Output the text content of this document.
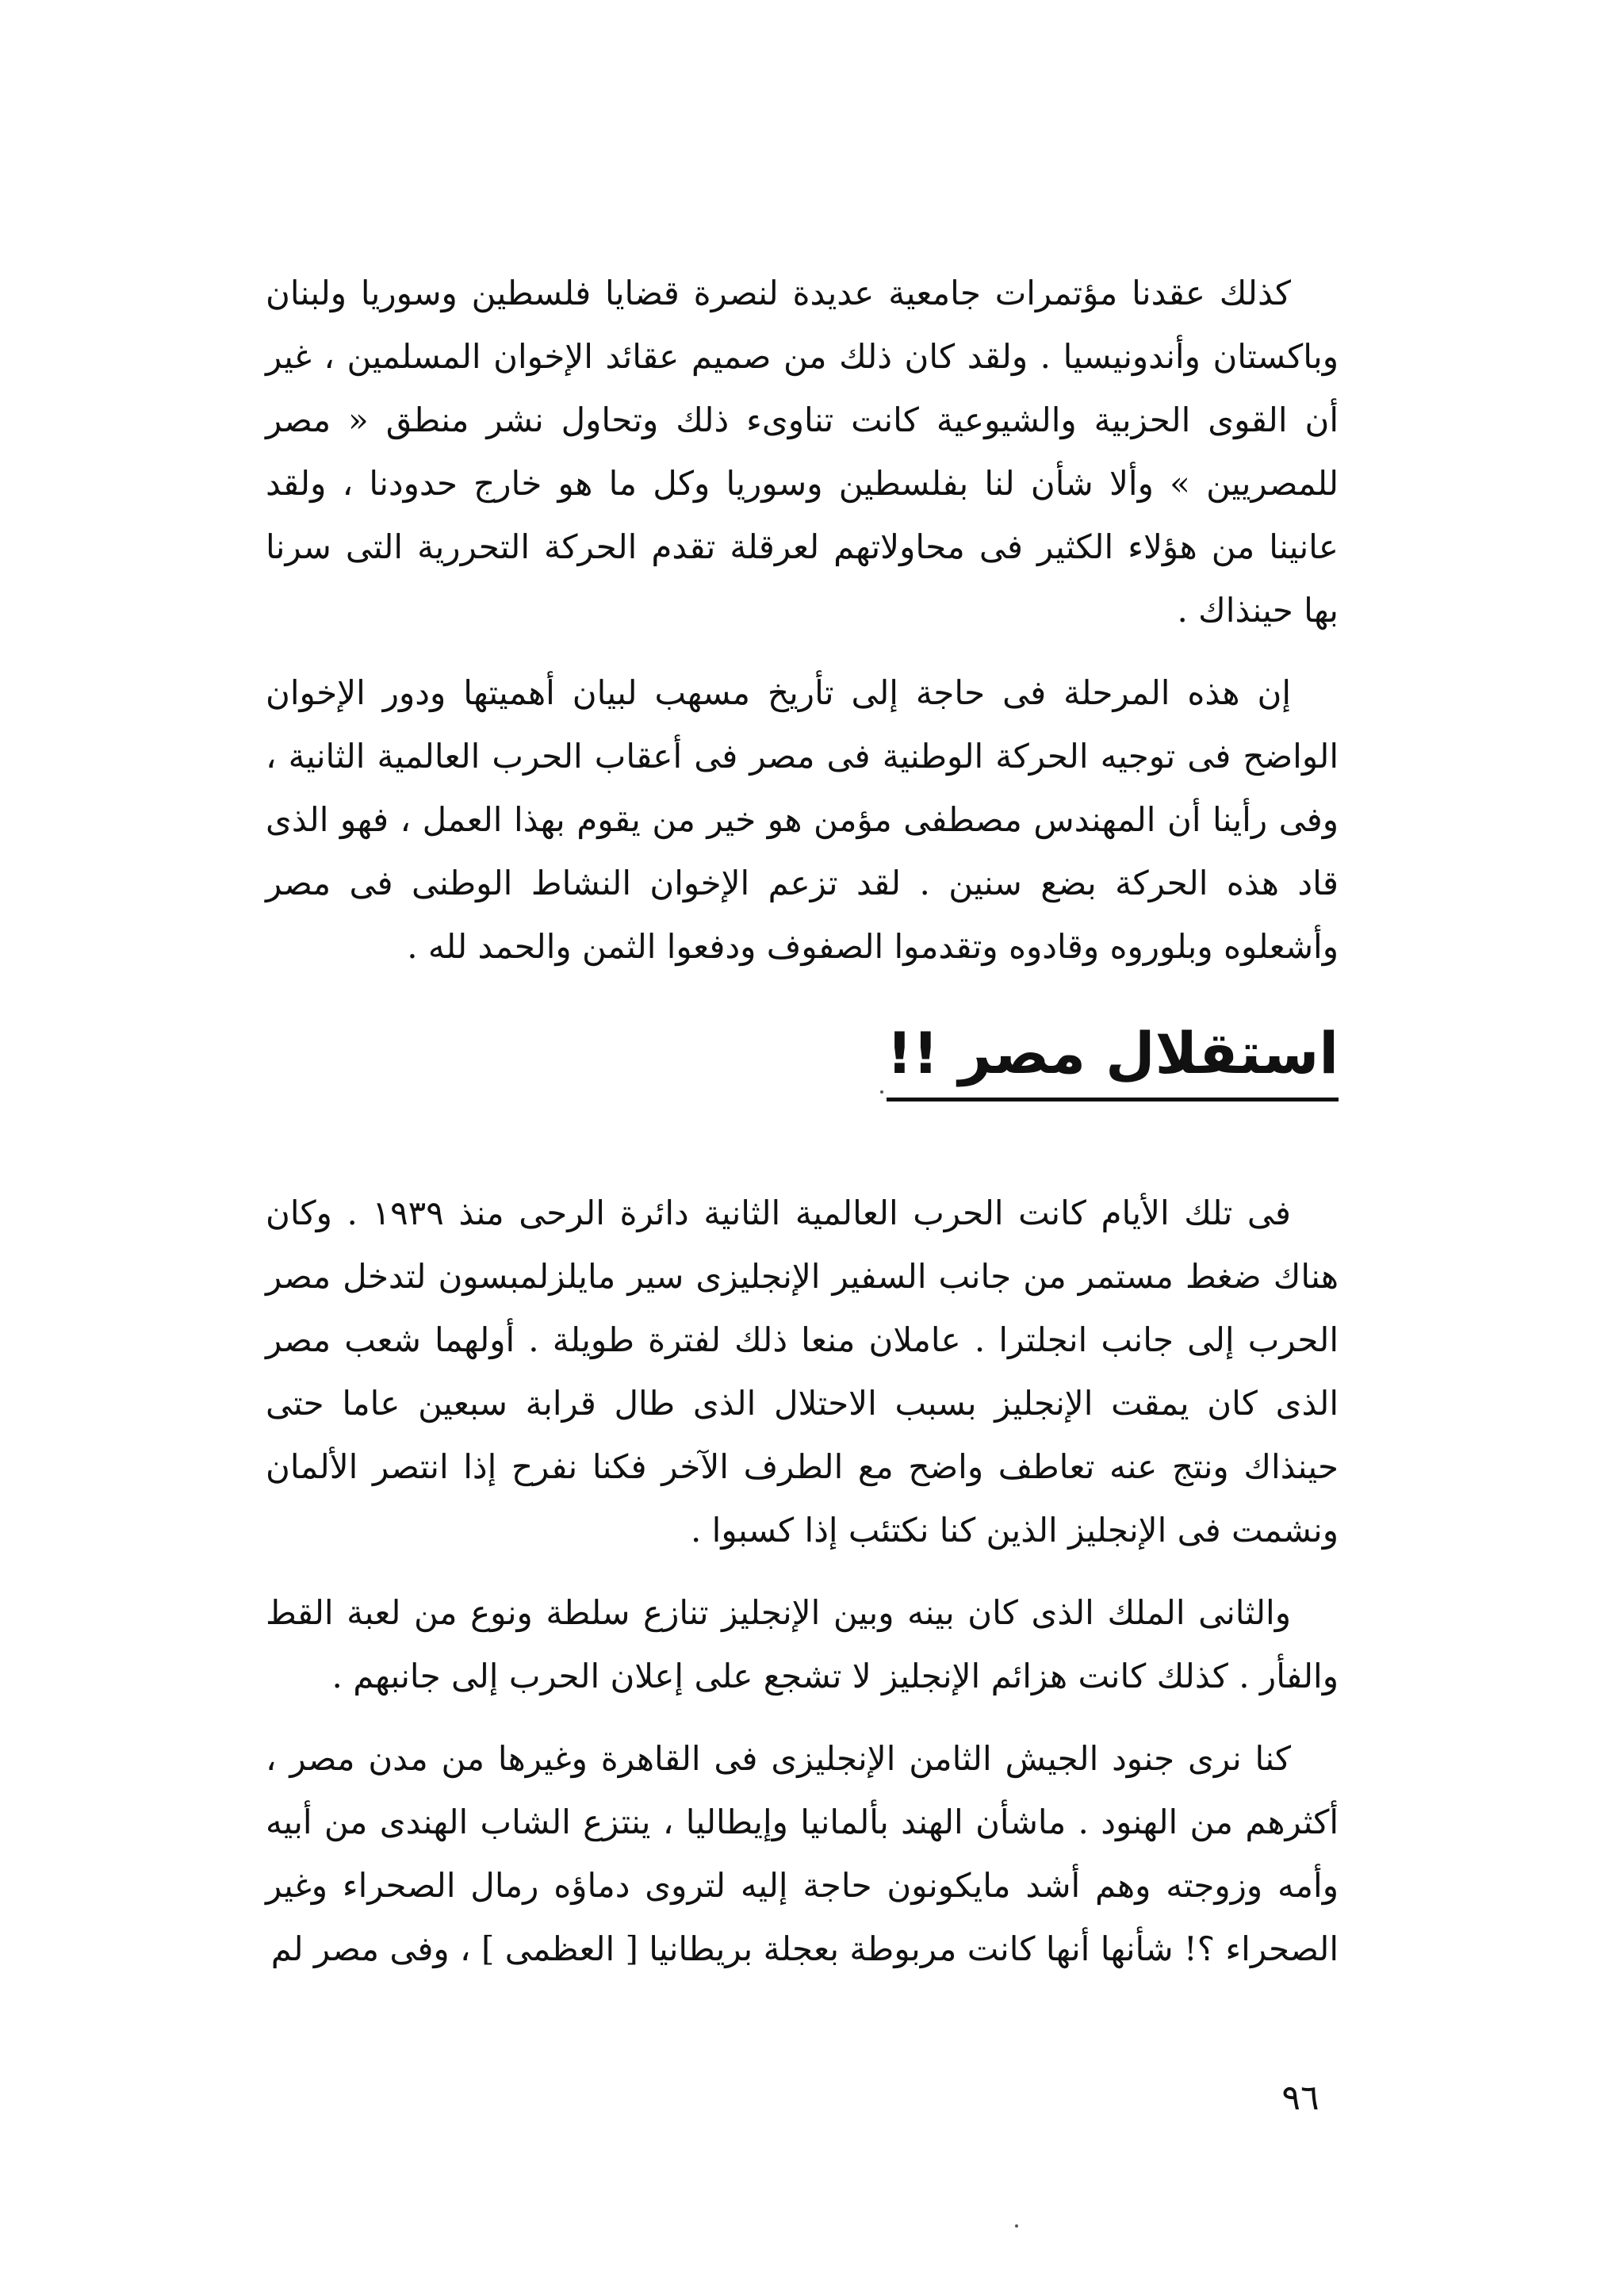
كذلك عقدنا مؤتمرات جامعية عديدة لنصرة قضايا فلسطين وسوريا ولبنان وباكستان وأندونيسيا . ولقد كان ذلك من صميم عقائد الإخوان المسلمين ، غير أن القوى الحزبية والشيوعية كانت تناوىء ذلك وتحاول نشر منطق « مصر للمصريين » وألا شأن لنا بفلسطين وسوريا وكل ما هو خارج حدودنا ، ولقد عانينا من هؤلاء الكثير فى محاولاتهم لعرقلة تقدم الحركة التحررية التى سرنا بها حينذاك .

إن هذه المرحلة فى حاجة إلى تأريخ مسهب لبيان أهميتها ودور الإخوان الواضح فى توجيه الحركة الوطنية فى مصر فى أعقاب الحرب العالمية الثانية ، وفى رأينا أن المهندس مصطفى مؤمن هو خير من يقوم بهذا العمل ، فهو الذى قاد هذه الحركة بضع سنين . لقد تزعم الإخوان النشاط الوطنى فى مصر وأشعلوه وبلوروه وقادوه وتقدموا الصفوف ودفعوا الثمن والحمد لله .

استقلال مصر !!

فى تلك الأيام كانت الحرب العالمية الثانية دائرة الرحى منذ ١٩٣٩ . وكان هناك ضغط مستمر من جانب السفير الإنجليزى سير مايلزلمبسون لتدخل مصر الحرب إلى جانب انجلترا . عاملان منعا ذلك لفترة طويلة . أولهما شعب مصر الذى كان يمقت الإنجليز بسبب الاحتلال الذى طال قرابة سبعين عاما حتى حينذاك ونتج عنه تعاطف واضح مع الطرف الآخر فكنا نفرح إذا انتصر الألمان ونشمت فى الإنجليز الذين كنا نكتئب إذا كسبوا .

والثانى الملك الذى كان بينه وبين الإنجليز تنازع سلطة ونوع من لعبة القط والفأر . كذلك كانت هزائم الإنجليز لا تشجع على إعلان الحرب إلى جانبهم .

كنا نرى جنود الجيش الثامن الإنجليزى فى القاهرة وغيرها من مدن مصر ، أكثرهم من الهنود . ماشأن الهند بألمانيا وإيطاليا ، ينتزع الشاب الهندى من أبيه وأمه وزوجته وهم أشد مايكونون حاجة إليه لتروى دماؤه رمال الصحراء وغير الصحراء ؟! شأنها أنها كانت مربوطة بعجلة بريطانيا [ العظمى ] ، وفى مصر لم

٩٦
